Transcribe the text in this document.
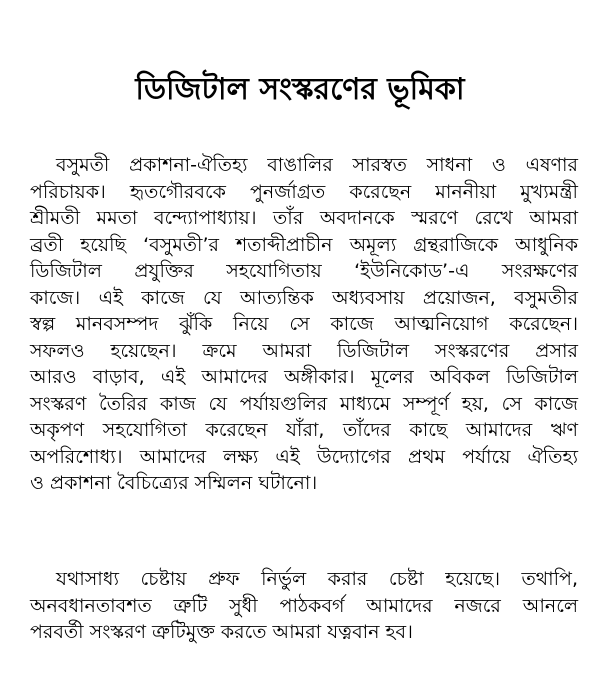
ডিজিটাল সংস্করণের ভূমিকা
বসুমতী প্রকাশনা-ঐতিহ্য বাঙালির সারস্বত সাধনা ও এষণার
পরিচায়ক। হৃতগৌরবকে পুনর্জাগ্রত করেছেন মাননীয়া মুখ্যমন্ত্রী
শ্রীমতী মমতা বন্দ্যোপাধ্যায়। তাঁর অবদানকে স্মরণে রেখে আমরা
ব্রতী হয়েছি ‘বসুমতী’র শতাব্দীপ্রাচীন অমূল্য গ্রন্থরাজিকে আধুনিক
ডিজিটাল প্রযুক্তির সহযোগিতায় ‘ইউনিকোড’-এ সংরক্ষণের
কাজে। এই কাজে যে আত্যন্তিক অধ্যবসায় প্রয়োজন, বসুমতীর
স্বল্প মানবসম্পদ ঝুঁকি নিয়ে সে কাজে আত্মনিয়োগ করেছেন।
সফলও হয়েছেন। ক্রমে আমরা ডিজিটাল সংস্করণের প্রসার
আরও বাড়াব, এই আমাদের অঙ্গীকার। মূলের অবিকল ডিজিটাল
সংস্করণ তৈরির কাজ যে পর্যায়গুলির মাধ্যমে সম্পূর্ণ হয়, সে কাজে
অকৃপণ সহযোগিতা করেছেন যাঁরা, তাঁদের কাছে আমাদের ঋণ
অপরিশোধ্য। আমাদের লক্ষ্য এই উদ্যোগের প্রথম পর্যায়ে ঐতিহ্য
ও প্রকাশনা বৈচিত্র্যের সম্মিলন ঘটানো।
যথাসাধ্য চেষ্টায় প্রুফ নির্ভুল করার চেষ্টা হয়েছে। তথাপি,
অনবধানতাবশত ত্রুটি সুধী পাঠকবর্গ আমাদের নজরে আনলে
পরবর্তী সংস্করণ ত্রুটিমুক্ত করতে আমরা যত্নবান হব।
